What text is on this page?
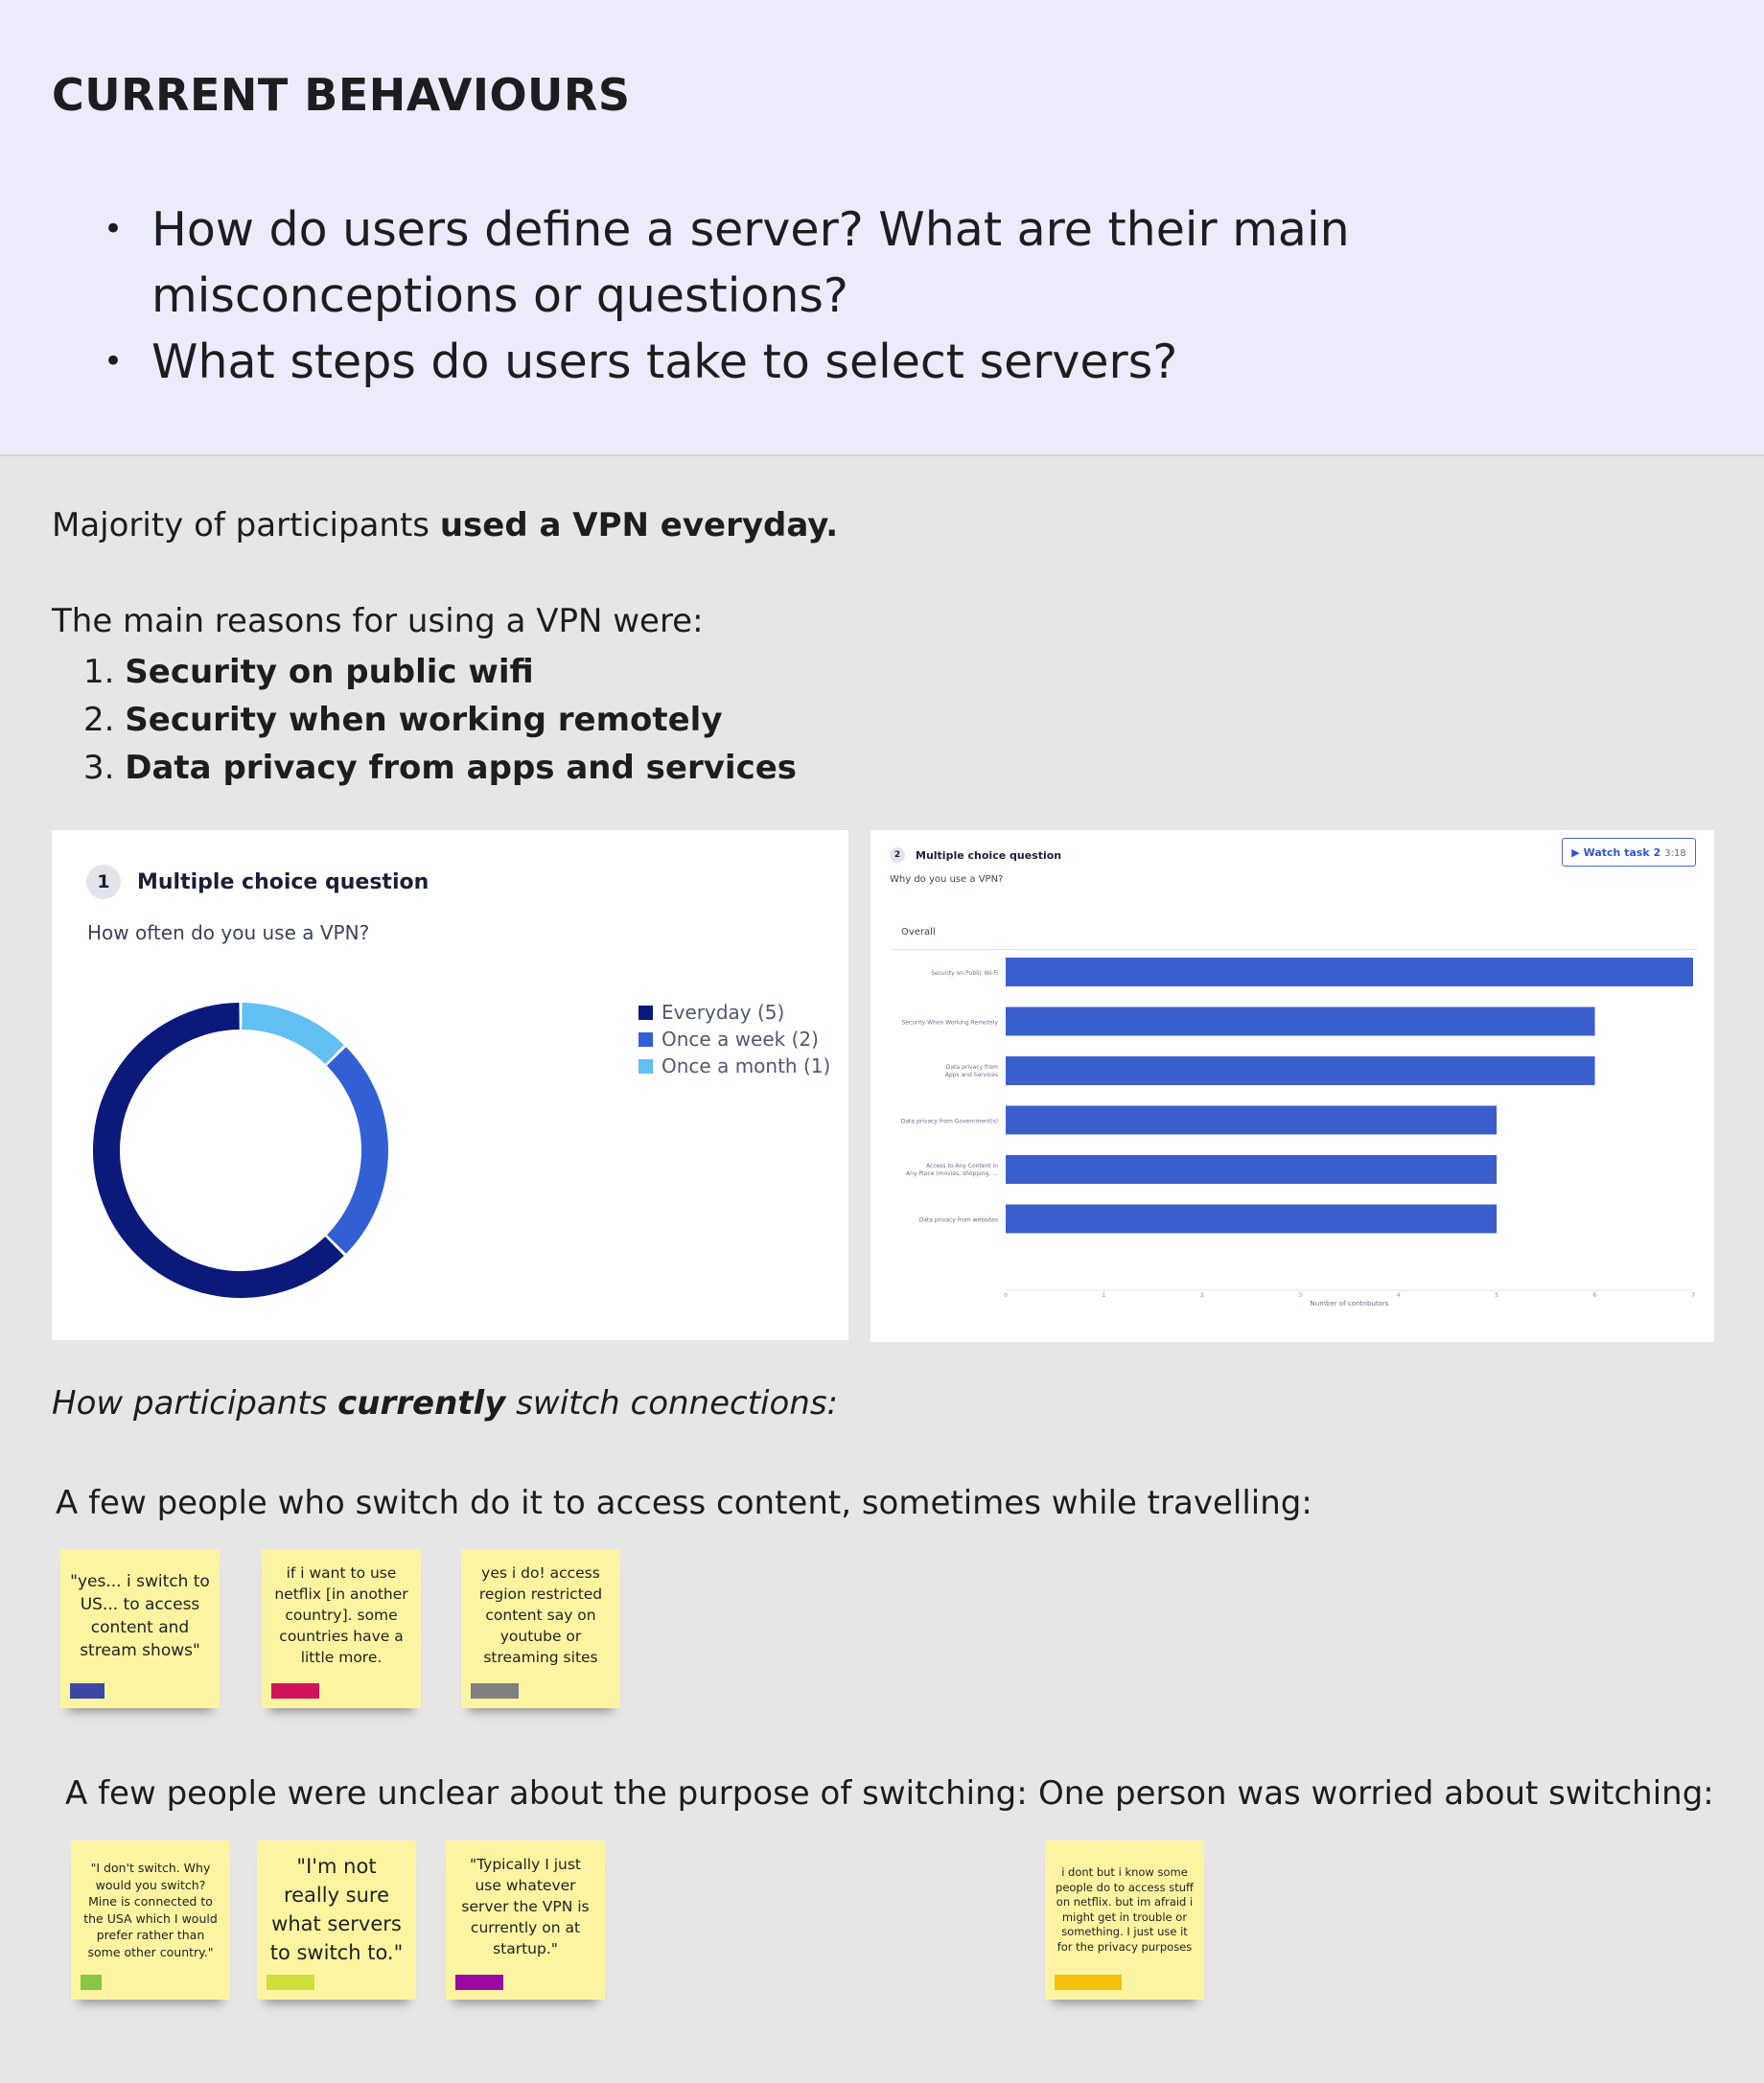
CURRENT BEHAVIOURS
• How do users define a server? What are their main misconceptions or questions?
• What steps do users take to select servers?
Majority of participants used a VPN everyday.
The main reasons for using a VPN were:
1. Security on public wifi
2. Security when working remotely
3. Data privacy from apps and services
1	Multiple choice question
How often do you use a VPN?
Everyday (5)
Once a week (2)
Once a month (1)
2	Multiple choice question
Why do you use a VPN?
▶ Watch task 2 3:18
Overall
Security on Public Wi-Fi
Security When Working Remotely
Data privacy from Apps and Services
Data privacy from Government(s)
Access to Any Content in Any Place (movies, shopping, ...
Data privacy from websites
0	1	2	3	4	5	6	7
Number of contributors
How participants currently switch connections:
A few people who switch do it to access content, sometimes while travelling:
A few people were unclear about the purpose of switching: One person was worried about switching:
"yes... i switch to US... to access content and stream shows"
if i want to use netflix [in another country]. some countries have a little more.
yes i do! access region restricted content say on youtube or streaming sites
"I don't switch. Why would you switch? Mine is connected to the USA which I would prefer rather than some other country."
"I'm not really sure what servers to switch to."
"Typically I just use whatever server the VPN is currently on at startup."
i dont but i know some people do to access stuff on netflix. but im afraid i might get in trouble or something. I just use it for the privacy purposes
